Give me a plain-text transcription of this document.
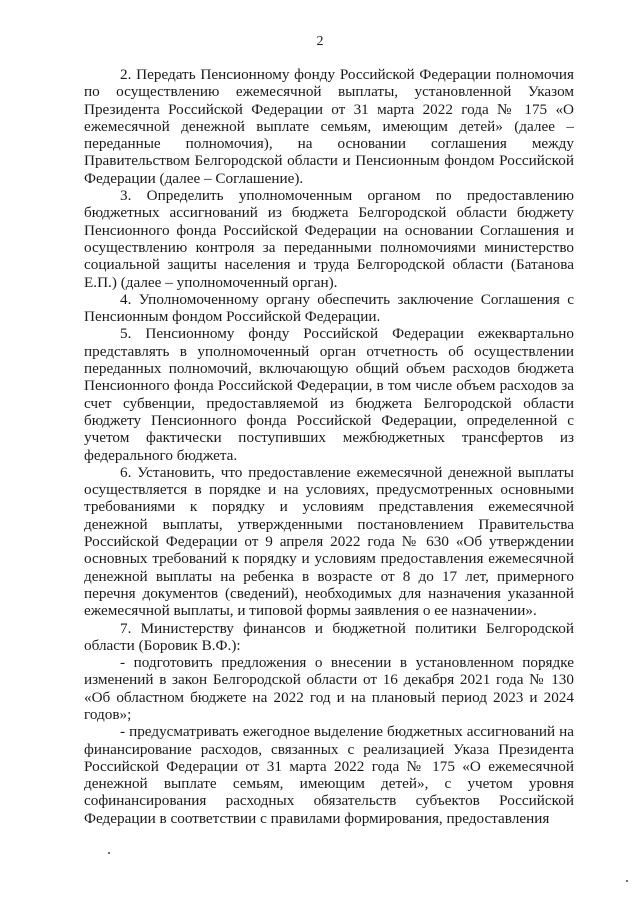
2

2. Передать Пенсионному фонду Российской Федерации полномочия по осуществлению ежемесячной выплаты, установленной Указом Президента Российской Федерации от 31 марта 2022 года № 175 «О ежемесячной денежной выплате семьям, имеющим детей» (далее – переданные полномочия), на основании соглашения между Правительством Белгородской области и Пенсионным фондом Российской Федерации (далее – Соглашение).

3. Определить уполномоченным органом по предоставлению бюджетных ассигнований из бюджета Белгородской области бюджету Пенсионного фонда Российской Федерации на основании Соглашения и осуществлению контроля за переданными полномочиями министерство социальной защиты населения и труда Белгородской области (Батанова Е.П.) (далее – уполномоченный орган).

4. Уполномоченному органу обеспечить заключение Соглашения с Пенсионным фондом Российской Федерации.

5. Пенсионному фонду Российской Федерации ежеквартально представлять в уполномоченный орган отчетность об осуществлении переданных полномочий, включающую общий объем расходов бюджета Пенсионного фонда Российской Федерации, в том числе объем расходов за счет субвенции, предоставляемой из бюджета Белгородской области бюджету Пенсионного фонда Российской Федерации, определенной с учетом фактически поступивших межбюджетных трансфертов из федерального бюджета.

6. Установить, что предоставление ежемесячной денежной выплаты осуществляется в порядке и на условиях, предусмотренных основными требованиями к порядку и условиям представления ежемесячной денежной выплаты, утвержденными постановлением Правительства Российской Федерации от 9 апреля 2022 года № 630 «Об утверждении основных требований к порядку и условиям предоставления ежемесячной денежной выплаты на ребенка в возрасте от 8 до 17 лет, примерного перечня документов (сведений), необходимых для назначения указанной ежемесячной выплаты, и типовой формы заявления о ее назначении».

7. Министерству финансов и бюджетной политики Белгородской области (Боровик В.Ф.):

- подготовить предложения о внесении в установленном порядке изменений в закон Белгородской области от 16 декабря 2021 года № 130 «Об областном бюджете на 2022 год и на плановый период 2023 и 2024 годов»;

- предусматривать ежегодное выделение бюджетных ассигнований на финансирование расходов, связанных с реализацией Указа Президента Российской Федерации от 31 марта 2022 года № 175 «О ежемесячной денежной выплате семьям, имеющим детей», с учетом уровня софинансирования расходных обязательств субъектов Российской Федерации в соответствии с правилами формирования, предоставления
